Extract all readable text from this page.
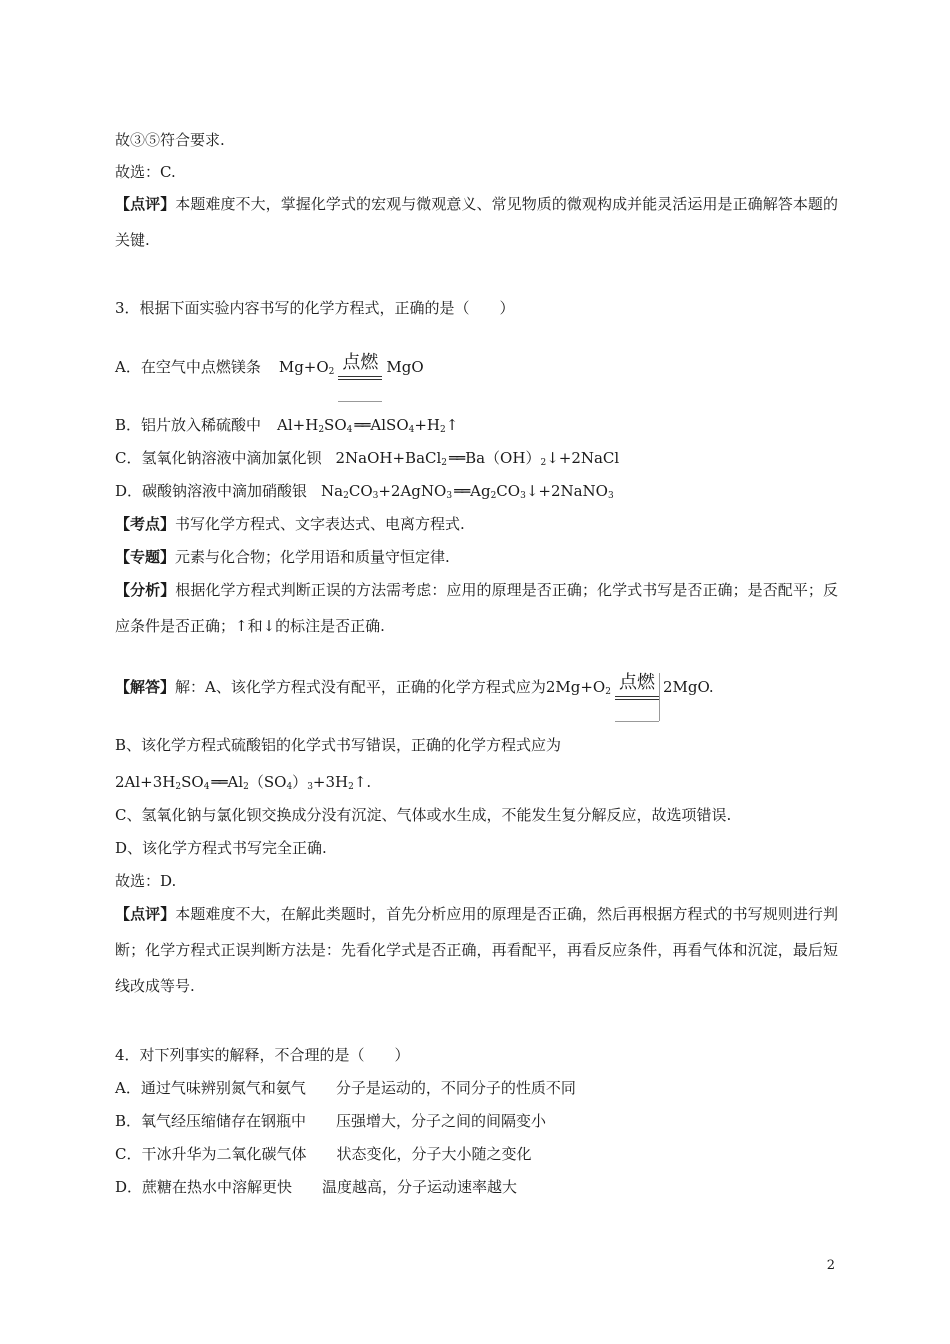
故③⑤符合要求.
故选：C.
【点评】本题难度不大，掌握化学式的宏观与微观意义、常见物质的微观构成并能灵活运用是正确解答本题的关键.
3．根据下面实验内容书写的化学方程式，正确的是（　　）
A．在空气中点燃镁条 $Mg+O_2$ 点燃 MgO
B．铝片放入稀硫酸中 $Al+H_2SO_4$ ══ $AlSO_4+H_2↑$
C．氢氧化钠溶液中滴加氯化钡 2NaOH+BaCl$_2$ ══ $Ba(OH)_2↓+2NaCl$
D．碳酸钠溶液中滴加硝酸银 $Na_2CO_3+2AgNO_3$ ══ $Ag_2CO_3↓+2NaNO_3$
【考点】书写化学方程式、文字表达式、电离方程式.
【专题】元素与化合物；化学用语和质量守恒定律.
【分析】根据化学方程式判断正误的方法需考虑：应用的原理是否正确；化学式书写是否正确；是否配平；反应条件是否正确；↑和↓的标注是否正确.
【解答】解：A、该化学方程式没有配平，正确的化学方程式应为$2Mg+O_2$ 点燃 2MgO.
B、该化学方程式硫酸铝的化学式书写错误，正确的化学方程式应为
$2Al+3H_2SO_4$ ══ $Al_2(SO_4)_3+3H_2↑$.
C、氢氧化钠与氯化钡交换成分没有沉淀、气体或水生成，不能发生复分解反应，故选项错误.
D、该化学方程式书写完全正确.
故选：D.
【点评】本题难度不大，在解此类题时，首先分析应用的原理是否正确，然后再根据方程式的书写规则进行判断；化学方程式正误判断方法是：先看化学式是否正确，再看配平，再看反应条件，再看气体和沉淀，最后短线改成等号.
4．对下列事实的解释，不合理的是（　　）
A．通过气味辨别氮气和氨气 分子是运动的，不同分子的性质不同
B．氧气经压缩储存在钢瓶中 压强增大，分子之间的间隔变小
C．干冰升华为二氧化碳气体 状态变化，分子大小随之变化
D．蔗糖在热水中溶解更快 温度越高，分子运动速率越大
2
